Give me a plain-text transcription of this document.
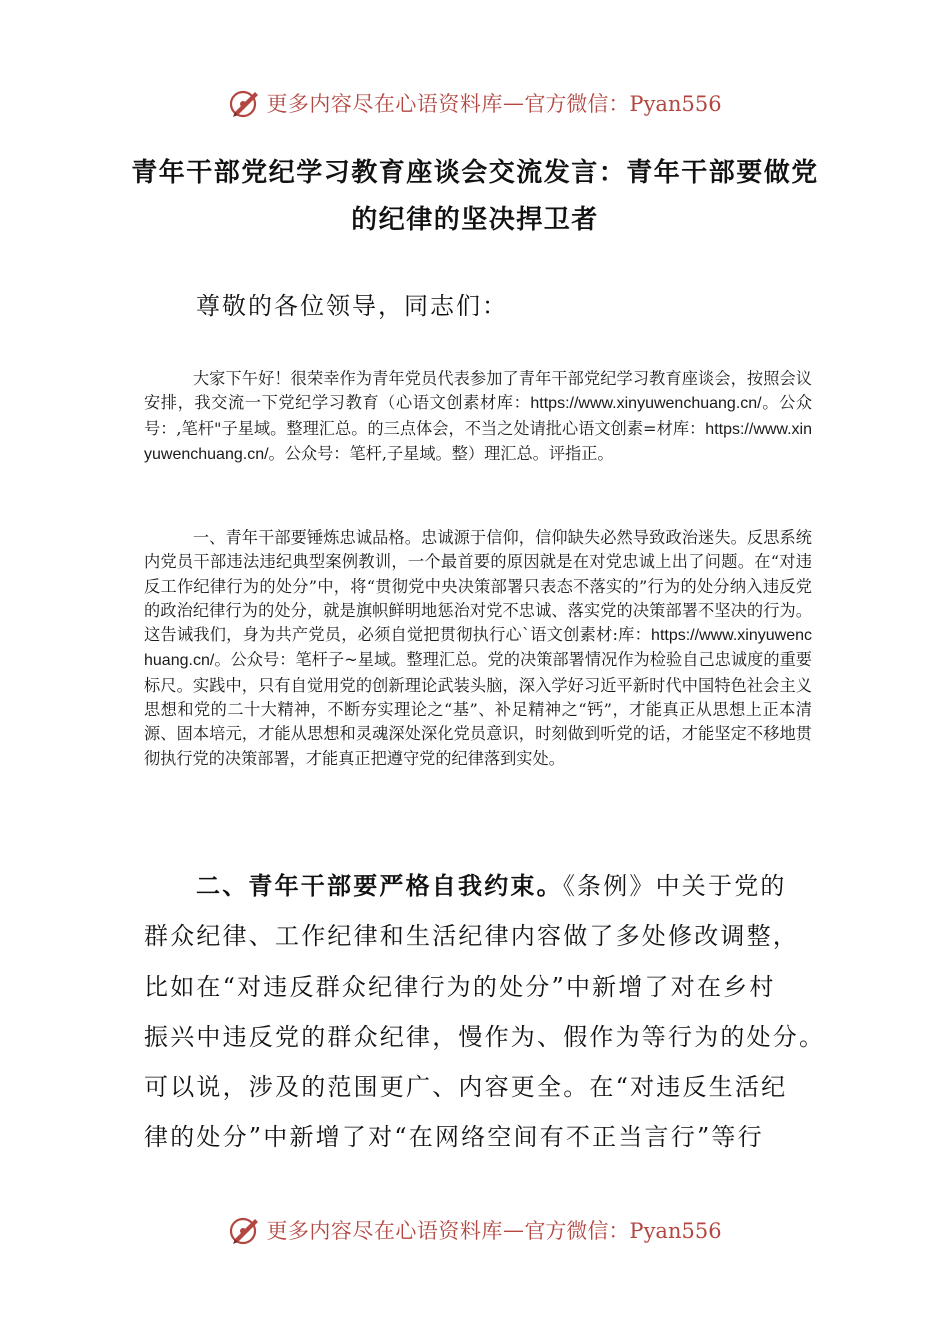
更多内容尽在心语资料库 — 官方微信：Pyan556
青年干部党纪学习教育座谈会交流发言：青年干部要做党
的纪律的坚决捍卫者
尊敬的各位领导，同志们：
　　　大家下午好！很荣幸作为青年党员代表参加了青年干部党纪学习教育座谈会，按照会议安排，我交流一下党纪学习教育（心语文创素材库：https://www.xinyuwenchuang.cn/。公众号：,笔杆"子星域。整理汇总。的三点体会，不当之处请批心语文创素=材库：https://www.xinyuwenchuang.cn/。公众号：笔杆,子星域。整）理汇总。评指正。
　　　一、青年干部要锤炼忠诚品格。忠诚源于信仰，信仰缺失必然导致政治迷失。反思系统内党员干部违法违纪典型案例教训，一个最首要的原因就是在对党忠诚上出了问题。在“对违反工作纪律行为的处分”中，将“贯彻党中央决策部署只表态不落实的”行为的处分纳入违反党的政治纪律行为的处分，就是旗帜鲜明地惩治对党不忠诚、落实党的决策部署不坚决的行为。这告诫我们，身为共产党员，必须自觉把贯彻执行心`语文创素材:库：https://www.xinyuwenchuang.cn/。公众号：笔杆子~星域。整理汇总。党的决策部署情况作为检验自己忠诚度的重要标尺。实践中，只有自觉用党的创新理论武装头脑，深入学好习近平新时代中国特色社会主义思想和党的二十大精神，不断夯实理论之“基”、补足精神之“钙”，才能真正从思想上正本清源、固本培元，才能从思想和灵魂深处深化党员意识，时刻做到听党的话，才能坚定不移地贯彻执行党的决策部署，才能真正把遵守党的纪律落到实处。
二、青年干部要严格自我约束。《条例》中关于党的
群众纪律、工作纪律和生活纪律内容做了多处修改调整，
比如在“对违反群众纪律行为的处分”中新增了对在乡村
振兴中违反党的群众纪律，慢作为、假作为等行为的处分。
可以说，涉及的范围更广、内容更全。在“对违反生活纪
律的处分”中新增了对“在网络空间有不正当言行”等行
更多内容尽在心语资料库 — 官方微信：Pyan556
